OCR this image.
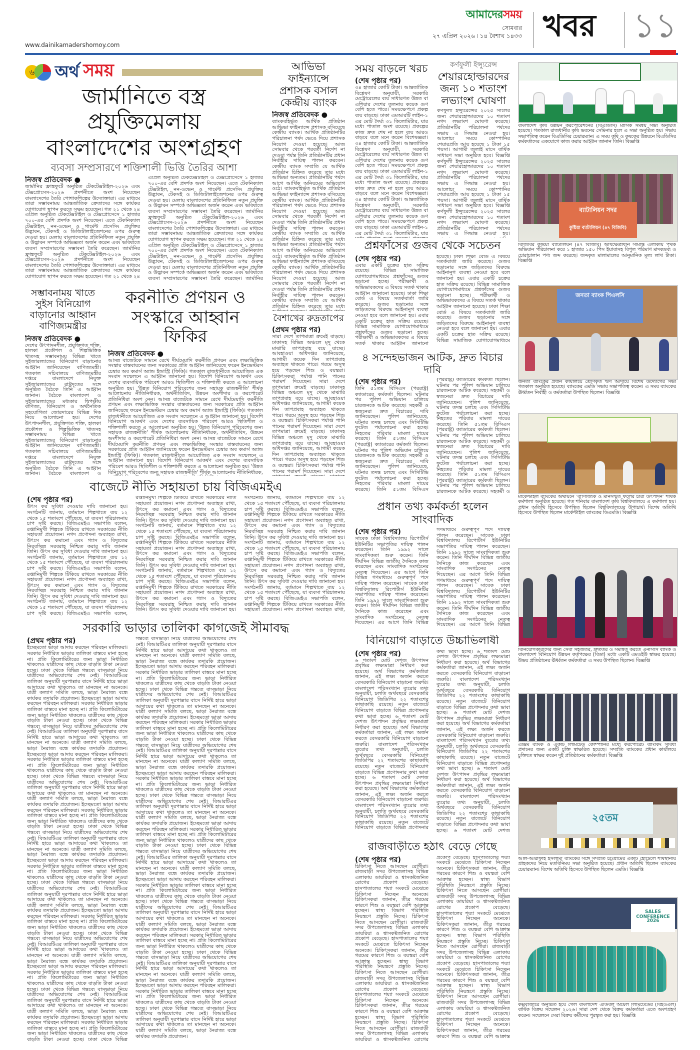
www.dainikamadershomoy.com
আমাদেরসময়
সোমবার
২৭ এপ্রিল ২০২৬ ৷ ১৪ বৈশাখ ১৪৩৩ খবর ১১
৬ অর্থ সময়
জার্মানিতে বস্ত্র প্রযুক্তিমেলায়
বাংলাদেশের অংশগ্রহণ
ব্যবসা সম্প্রসারণে শক্তিশালী ভিত্তি তৈরির আশা
নিজস্ব প্রতিবেদক ●
জার্মানির ফ্রাঙ্কফুর্টে অনুষ্ঠিত টেকটেক্সটাইল-২০২৬ এবং টেক্সপ্রোসেস-২০২৬ প্রদর্শনীতে অংশ নিয়েছেন বাংলাদেশের তৈরি পোশাকশিল্পের উদ্যোক্তারা। এর মাধ্যমে তারা সম্ভাবনাময় আন্তর্জাতিক ক্রেতাদের সঙ্গে কার্যকর যোগাযোগ স্থাপন করতে সক্ষম হয়েছেন। গত ২১ থেকে ২৪ এপ্রিল অনুষ্ঠিত টেকটেক্সটাইল ও টেক্সপ্রোসেসে ১ হাজার ৭০০-এর বেশি প্রদর্শক অংশ নিয়েছেন। এতে টেকনিক্যাল টেক্সটাইল, নন-ওভেন ও গার্মেন্ট প্রসেসিং প্রযুক্তির উদ্ভাবন, টেকসই ও ডিজিটালাইজেশনের ওপর গুরুত্ব দেওয়া হয়। মেলায় বাংলাদেশের প্রতিনিধিদল নতুন প্রযুক্তি ও উদ্ভাবন সম্পর্কে অভিজ্ঞতা অর্জন করেন এবং ভবিষ্যতে ব্যবসা সম্প্রসারণের সম্ভাবনা তৈরি করেছেন। জার্মানির ফ্রাঙ্কফুর্টে অনুষ্ঠিত টেকটেক্সটাইল-২০২৬ এবং টেক্সপ্রোসেস-২০২৬ প্রদর্শনীতে অংশ নিয়েছেন বাংলাদেশের তৈরি পোশাকশিল্পের উদ্যোক্তারা। এর মাধ্যমে তারা সম্ভাবনাময় আন্তর্জাতিক ক্রেতাদের সঙ্গে কার্যকর যোগাযোগ স্থাপন করতে সক্ষম হয়েছেন। গত ২১ থেকে ২৪ এপ্রিল অনুষ্ঠিত টেকটেক্সটাইল ও টেক্সপ্রোসেসে ১ হাজার ৭০০-এর বেশি প্রদর্শক অংশ নিয়েছেন। এতে টেকনিক্যাল টেক্সটাইল, নন-ওভেন ও গার্মেন্ট প্রসেসিং প্রযুক্তির উদ্ভাবন, টেকসই ও ডিজিটালাইজেশনের ওপর গুরুত্ব দেওয়া হয়। মেলায় বাংলাদেশের প্রতিনিধিদল নতুন প্রযুক্তি ও উদ্ভাবন সম্পর্কে অভিজ্ঞতা অর্জন করেন এবং ভবিষ্যতে ব্যবসা সম্প্রসারণের সম্ভাবনা তৈরি করেছেন। জার্মানির ফ্রাঙ্কফুর্টে অনুষ্ঠিত টেকটেক্সটাইল-২০২৬ এবং টেক্সপ্রোসেস-২০২৬ প্রদর্শনীতে অংশ নিয়েছেন বাংলাদেশের তৈরি পোশাকশিল্পের উদ্যোক্তারা। এর মাধ্যমে তারা সম্ভাবনাময় আন্তর্জাতিক ক্রেতাদের সঙ্গে কার্যকর যোগাযোগ স্থাপন করতে সক্ষম হয়েছেন। গত ২১ থেকে ২৪ এপ্রিল অনুষ্ঠিত টেকটেক্সটাইল ও টেক্সপ্রোসেসে ১ হাজার ৭০০-এর বেশি প্রদর্শক অংশ নিয়েছেন। এতে টেকনিক্যাল টেক্সটাইল, নন-ওভেন ও গার্মেন্ট প্রসেসিং প্রযুক্তির উদ্ভাবন, টেকসই ও ডিজিটালাইজেশনের ওপর গুরুত্ব দেওয়া হয়। মেলায় বাংলাদেশের প্রতিনিধিদল নতুন প্রযুক্তি ও উদ্ভাবন সম্পর্কে অভিজ্ঞতা অর্জন করেন এবং ভবিষ্যতে ব্যবসা সম্প্রসারণের সম্ভাবনা তৈরি করেছেন। জার্মানির
সম্ভাবনাময় খাতে সুইস বিনিয়োগ বাড়ানোর আহ্বান বাণিজ্যমন্ত্রীর
নিজস্ব প্রতিবেদক ●
দেশের উৎপাদনশীল, প্রযুক্তিগত শক্তি, হালকা প্রকৌশল ও শিল্পভিত্তিক খাতসহ সম্ভাবনাময় বিভিন্ন খাতে সুইজারল্যান্ডের বিনিয়োগ বাড়ানোর আহ্বান জানিয়েছেন বাণিজ্যমন্ত্রী। গতকাল সচিবালয়ে বাণিজ্যমন্ত্রীর দপ্তরে বাংলাদেশে নিযুক্ত সুইজারল্যান্ডের রাষ্ট্রদূতের সঙ্গে অনুষ্ঠিত বৈঠকে তিনি এ আহ্বান জানান। বৈঠকে বাংলাদেশ ও সুইজারল্যান্ডের মধ্যকার দ্বিপক্ষীয় বাণিজ্য, বিনিয়োগ ও অর্থনৈতিক সহযোগিতা জোরদারের বিভিন্ন দিক নিয়ে আলোচনা হয়। দেশের উৎপাদনশীল, প্রযুক্তিগত শক্তি, হালকা প্রকৌশল ও শিল্পভিত্তিক খাতসহ সম্ভাবনাময় বিভিন্ন খাতে সুইজারল্যান্ডের বিনিয়োগ বাড়ানোর আহ্বান জানিয়েছেন বাণিজ্যমন্ত্রী। গতকাল সচিবালয়ে বাণিজ্যমন্ত্রীর দপ্তরে বাংলাদেশে নিযুক্ত সুইজারল্যান্ডের রাষ্ট্রদূতের সঙ্গে অনুষ্ঠিত বৈঠকে তিনি এ আহ্বান জানান। বৈঠকে বাংলাদেশ ও
করনীতি প্রণয়ন ও সংস্কারে আহ্বান ফিকির
নিজস্ব প্রতিবেদক ●
আসন্ন বাজেটকে সামনে রেখে দীর্ঘমেয়াদি করনীতি প্রণয়ন এবং লক্ষ্যভিত্তিক সংস্কার বাস্তবায়নের জন্য সরকারের প্রতি আহ্বান জানিয়েছে ফরেন ইনভেস্টরস চেম্বার অব কমার্স অ্যান্ড ইন্ডাস্ট্রি (ফিকি)। গতকাল রাজধানীতে আয়োজিত এক সংবাদ সম্মেলনে এ আহ্বান জানানো হয়। বিদেশি বিনিয়োগ আকর্ষণ এবং দেশের ব্যবসায়িক পরিবেশ আরও স্থিতিশীল ও শক্তিশালী করতে এ আলোচনা অনুষ্ঠিত হয়। 'উন্নত বিনিয়োগ পরিবেশের জন্য সহায়ক রাজস্বনীতি' শীর্ষক আলোচনায় নীতিনির্ধারক, অর্থনীতিবিদ, উন্নয়ন অংশীদার ও করপোরেট প্রতিনিধিরা অংশ নেন। আসন্ন বাজেটকে সামনে রেখে দীর্ঘমেয়াদি করনীতি প্রণয়ন এবং লক্ষ্যভিত্তিক সংস্কার বাস্তবায়নের জন্য সরকারের প্রতি আহ্বান জানিয়েছে ফরেন ইনভেস্টরস চেম্বার অব কমার্স অ্যান্ড ইন্ডাস্ট্রি (ফিকি)। গতকাল রাজধানীতে আয়োজিত এক সংবাদ সম্মেলনে এ আহ্বান জানানো হয়। বিদেশি বিনিয়োগ আকর্ষণ এবং দেশের ব্যবসায়িক পরিবেশ আরও স্থিতিশীল ও শক্তিশালী করতে এ আলোচনা অনুষ্ঠিত হয়। 'উন্নত বিনিয়োগ পরিবেশের জন্য সহায়ক রাজস্বনীতি' শীর্ষক আলোচনায় নীতিনির্ধারক, অর্থনীতিবিদ, উন্নয়ন অংশীদার ও করপোরেট প্রতিনিধিরা অংশ নেন। আসন্ন বাজেটকে সামনে রেখে দীর্ঘমেয়াদি করনীতি প্রণয়ন এবং লক্ষ্যভিত্তিক সংস্কার বাস্তবায়নের জন্য সরকারের প্রতি আহ্বান জানিয়েছে ফরেন ইনভেস্টরস চেম্বার অব কমার্স অ্যান্ড ইন্ডাস্ট্রি (ফিকি)। গতকাল রাজধানীতে আয়োজিত এক সংবাদ সম্মেলনে এ আহ্বান জানানো হয়। বিদেশি বিনিয়োগ আকর্ষণ এবং দেশের ব্যবসায়িক পরিবেশ আরও স্থিতিশীল ও শক্তিশালী করতে এ আলোচনা অনুষ্ঠিত হয়। 'উন্নত বিনিয়োগ পরিবেশের জন্য সহায়ক রাজস্বনীতি' শীর্ষক আলোচনায় নীতিনির্ধারক,
আভিভা ফাইন্যান্সে প্রশাসক বসাল কেন্দ্রীয় ব্যাংক
নিজস্ব প্রতিবেদক ●
ব্যাংকবহির্ভূত আর্থিক প্রতিষ্ঠান আভিভা ফাইন্যান্সে প্রশাসক বসিয়েছে কেন্দ্রীয় ব্যাংক। আর্থিক প্রতিষ্ঠানটির পরিচালনা পর্ষদ ভেঙে দিয়ে প্রশাসক নিয়োগ দেওয়া হয়েছে। আজ সোমবার থেকে পরবর্তী নির্দেশ না দেওয়া পর্যন্ত তিনি প্রতিষ্ঠানটির প্রধান নির্বাহীর দায়িত্ব পালন করবেন। কেন্দ্রীয় ব্যাংক সম্প্রতি যে আর্থিক প্রতিষ্ঠান চিহ্নিত করেছে তার মধ্যে আভিভা অন্যতম। প্রতিষ্ঠানটির পর্ষদে আগে আর্থিক অনিয়মের অভিযোগ ওঠে। ব্যাংকবহির্ভূত আর্থিক প্রতিষ্ঠান আভিভা ফাইন্যান্সে প্রশাসক বসিয়েছে কেন্দ্রীয় ব্যাংক। আর্থিক প্রতিষ্ঠানটির পরিচালনা পর্ষদ ভেঙে দিয়ে প্রশাসক নিয়োগ দেওয়া হয়েছে। আজ সোমবার থেকে পরবর্তী নির্দেশ না দেওয়া পর্যন্ত তিনি প্রতিষ্ঠানটির প্রধান নির্বাহীর দায়িত্ব পালন করবেন। কেন্দ্রীয় ব্যাংক সম্প্রতি যে আর্থিক প্রতিষ্ঠান চিহ্নিত করেছে তার মধ্যে আভিভা অন্যতম। প্রতিষ্ঠানটির পর্ষদে আগে আর্থিক অনিয়মের অভিযোগ ওঠে। ব্যাংকবহির্ভূত আর্থিক প্রতিষ্ঠান আভিভা ফাইন্যান্সে প্রশাসক বসিয়েছে কেন্দ্রীয় ব্যাংক। আর্থিক প্রতিষ্ঠানটির পরিচালনা পর্ষদ ভেঙে দিয়ে প্রশাসক নিয়োগ দেওয়া হয়েছে। আজ সোমবার থেকে পরবর্তী নির্দেশ না দেওয়া পর্যন্ত তিনি প্রতিষ্ঠানটির প্রধান নির্বাহীর দায়িত্ব পালন করবেন। কেন্দ্রীয় ব্যাংক সম্প্রতি যে আর্থিক প্রতিষ্ঠান চিহ্নিত করেছে তার মধ্যে
বৈশাখের রুদ্রতাপের
(প্রথম পৃষ্ঠার পর)
সারা দেশে তাপমাত্রা ক্রমেই বাড়ছে। ঢাকাসহ বিভিন্ন অঞ্চলে মৃদু থেকে মাঝারি তাপপ্রবাহ বয়ে যাচ্ছে। আবহাওয়া অধিদপ্তর জানিয়েছে, আগামী কয়েক দিন তাপপ্রবাহ অব্যাহত থাকতে পারে। গরমে অসুস্থ হয়ে পড়ছেন শিশু ও বয়স্করা। চিকিৎসকরা পর্যাপ্ত পানি পানের পরামর্শ দিয়েছেন। সারা দেশে তাপমাত্রা ক্রমেই বাড়ছে। ঢাকাসহ বিভিন্ন অঞ্চলে মৃদু থেকে মাঝারি তাপপ্রবাহ বয়ে যাচ্ছে। আবহাওয়া অধিদপ্তর জানিয়েছে, আগামী কয়েক দিন তাপপ্রবাহ অব্যাহত থাকতে পারে। গরমে অসুস্থ হয়ে পড়ছেন শিশু ও বয়স্করা। চিকিৎসকরা পর্যাপ্ত পানি পানের পরামর্শ দিয়েছেন। সারা দেশে তাপমাত্রা ক্রমেই বাড়ছে। ঢাকাসহ বিভিন্ন অঞ্চলে মৃদু থেকে মাঝারি তাপপ্রবাহ বয়ে যাচ্ছে। আবহাওয়া অধিদপ্তর জানিয়েছে, আগামী কয়েক দিন তাপপ্রবাহ অব্যাহত থাকতে পারে। গরমে অসুস্থ হয়ে পড়ছেন শিশু ও বয়স্করা। চিকিৎসকরা পর্যাপ্ত পানি পানের পরামর্শ দিয়েছেন। সারা দেশে
সময় বাড়লে খরচ
(শেষ পৃষ্ঠার পর)
৩৪ হাজার কোটি টাকা। আন্তর্জাতিক বিশ্লেষণ অনুযায়ী, সরকারি মেট্রোরেলের ব্যয় সাধারণত উন্নত বা এশিয়ার দেশের তুলনায় কয়েক গুণ বেশি হতে পারে। সময়ক্ষেপণে প্রকল্প ব্যয় বাড়ছে। ঢাকা এমআরটি লাইন-১ এর মোট দৈর্ঘ্য ৩১ কিলোমিটার, যার মধ্যে পাতাল অংশ রয়েছে। প্রকল্পের কাজ দ্রুত শেষ না হলে ব্যয় আরও বাড়বে বলে মনে করেন বিশেষজ্ঞরা। ৩৪ হাজার কোটি টাকা। আন্তর্জাতিক বিশ্লেষণ অনুযায়ী, সরকারি মেট্রোরেলের ব্যয় সাধারণত উন্নত বা এশিয়ার দেশের তুলনায় কয়েক গুণ বেশি হতে পারে। সময়ক্ষেপণে প্রকল্প ব্যয় বাড়ছে। ঢাকা এমআরটি লাইন-১ এর মোট দৈর্ঘ্য ৩১ কিলোমিটার, যার মধ্যে পাতাল অংশ রয়েছে। প্রকল্পের কাজ দ্রুত শেষ না হলে ব্যয় আরও বাড়বে বলে মনে করেন বিশেষজ্ঞরা। ৩৪ হাজার কোটি টাকা। আন্তর্জাতিক বিশ্লেষণ অনুযায়ী, সরকারি মেট্রোরেলের ব্যয় সাধারণত উন্নত বা এশিয়ার দেশের তুলনায় কয়েক গুণ বেশি হতে পারে। সময়ক্ষেপণে প্রকল্প ব্যয় বাড়ছে। ঢাকা এমআরটি লাইন-১ এর মোট দৈর্ঘ্য ৩১ কিলোমিটার, যার
কর্ণফুলী ইন্স্যুরেন্স
শেয়ারহোল্ডারদের জন্য ১০ শতাংশ লভ্যাংশ ঘোষণা
কর্ণফুলী ইন্স্যুরেন্সের ২০২৫ সালের জন্য শেয়ারহোল্ডারদের ১০ শতাংশ নগদ লভ্যাংশ ঘোষণা করেছে। প্রতিষ্ঠানটির পরিচালনা পর্ষদের সভায় এ সিদ্ধান্ত নেওয়া হয়। আলোচ্য সময়ে কোম্পানির শেয়ারপ্রতি আয় হয়েছে ১ টাকা ১৫ পয়সা। আগামী জুলাই মাসে বার্ষিক সাধারণ সভা অনুষ্ঠিত হবে। বিজ্ঞপ্তি কর্ণফুলী ইন্স্যুরেন্সের ২০২৫ সালের জন্য শেয়ারহোল্ডারদের ১০ শতাংশ নগদ লভ্যাংশ ঘোষণা করেছে। প্রতিষ্ঠানটির পরিচালনা পর্ষদের সভায় এ সিদ্ধান্ত নেওয়া হয়। আলোচ্য সময়ে কোম্পানির শেয়ারপ্রতি আয় হয়েছে ১ টাকা ১৫ পয়সা। আগামী জুলাই মাসে বার্ষিক সাধারণ সভা অনুষ্ঠিত হবে। বিজ্ঞপ্তি কর্ণফুলী ইন্স্যুরেন্সের ২০২৫ সালের জন্য শেয়ারহোল্ডারদের ১০ শতাংশ নগদ লভ্যাংশ ঘোষণা করেছে। প্রতিষ্ঠানটির পরিচালনা পর্ষদের সভায় এ সিদ্ধান্ত নেওয়া হয়।
প্রশ্নফাঁসের গুজব থেকে সচেতন
(শেষ পৃষ্ঠার পর)
এবার একটি চক্রের হাত সক্রিয় রয়েছে। বিভিন্ন সামাজিক যোগাযোগমাধ্যমে প্রশ্নফাঁসের গুজব ছড়ানো হচ্ছে। পরীক্ষার্থী ও অভিভাবকদের এ বিষয়ে সতর্ক থাকার আহ্বান জানানো হয়েছে। ঢাকা শিক্ষা বোর্ড এ বিষয়ে সতর্কবার্তা জারি করেছে। গুজব ছড়ানোর সঙ্গে জড়িতদের বিরুদ্ধে আইনানুগ ব্যবস্থা নেওয়া হবে বলে জানানো হয়। এবার একটি চক্রের হাত সক্রিয় রয়েছে। বিভিন্ন সামাজিক যোগাযোগমাধ্যমে প্রশ্নফাঁসের গুজব ছড়ানো হচ্ছে। পরীক্ষার্থী ও অভিভাবকদের এ বিষয়ে সতর্ক থাকার আহ্বান জানানো হয়েছে। ঢাকা শিক্ষা বোর্ড এ বিষয়ে সতর্কবার্তা জারি করেছে। গুজব ছড়ানোর সঙ্গে জড়িতদের বিরুদ্ধে আইনানুগ ব্যবস্থা নেওয়া হবে বলে জানানো হয়। এবার একটি চক্রের হাত সক্রিয় রয়েছে। বিভিন্ন সামাজিক যোগাযোগমাধ্যমে প্রশ্নফাঁসের গুজব ছড়ানো হচ্ছে। পরীক্ষার্থী ও অভিভাবকদের এ বিষয়ে সতর্ক থাকার আহ্বান জানানো হয়েছে। ঢাকা শিক্ষা বোর্ড এ বিষয়ে সতর্কবার্তা জারি করেছে। গুজব ছড়ানোর সঙ্গে জড়িতদের বিরুদ্ধে আইনানুগ ব্যবস্থা নেওয়া হবে বলে জানানো হয়। এবার একটি চক্রের হাত সক্রিয় রয়েছে। বিভিন্ন সামাজিক যোগাযোগমাধ্যমে
৪ সন্দেহভাজন আটক, দ্রুত বিচার দাবি
(শেষ পৃষ্ঠার পর)
তিনি ৫১তম বিসিএস (পররাষ্ট্র) ক্যাডারের কর্মকর্তা ছিলেন। ঘটনার পর পুলিশ অভিযান চালিয়ে চারজনকে আটক করেছে। সহকর্মী ও স্বজনেরা দ্রুত বিচারের দাবি জানিয়েছেন। পুলিশ জানিয়েছে, ঘটনার তদন্ত চলছে এবং সিসিটিভি ফুটেজ পর্যালোচনা করা হচ্ছে। নিহতের পরিবার মামলা দায়ের করেছে। তিনি ৫১তম বিসিএস (পররাষ্ট্র) ক্যাডারের কর্মকর্তা ছিলেন। ঘটনার পর পুলিশ অভিযান চালিয়ে চারজনকে আটক করেছে। সহকর্মী ও স্বজনেরা দ্রুত বিচারের দাবি জানিয়েছেন। পুলিশ জানিয়েছে, ঘটনার তদন্ত চলছে এবং সিসিটিভি ফুটেজ পর্যালোচনা করা হচ্ছে। নিহতের পরিবার মামলা দায়ের করেছে। তিনি ৫১তম বিসিএস (পররাষ্ট্র) ক্যাডারের কর্মকর্তা ছিলেন। ঘটনার পর পুলিশ অভিযান চালিয়ে চারজনকে আটক করেছে। সহকর্মী ও স্বজনেরা দ্রুত বিচারের দাবি জানিয়েছেন। পুলিশ জানিয়েছে, ঘটনার তদন্ত চলছে এবং সিসিটিভি ফুটেজ পর্যালোচনা করা হচ্ছে। নিহতের পরিবার মামলা দায়ের করেছে। তিনি ৫১তম বিসিএস (পররাষ্ট্র) ক্যাডারের কর্মকর্তা ছিলেন। ঘটনার পর পুলিশ অভিযান চালিয়ে চারজনকে আটক করেছে। সহকর্মী ও স্বজনেরা দ্রুত বিচারের দাবি জানিয়েছেন। পুলিশ জানিয়েছে, ঘটনার তদন্ত চলছে এবং সিসিটিভি ফুটেজ পর্যালোচনা করা হচ্ছে। নিহতের পরিবার মামলা দায়ের করেছে। তিনি ৫১তম বিসিএস (পররাষ্ট্র) ক্যাডারের কর্মকর্তা ছিলেন। ঘটনার পর পুলিশ অভিযান চালিয়ে চারজনকে আটক করেছে। সহকর্মী ও
প্রধান তথ্য কর্মকর্তা হলেন সাংবাদিক
(শেষ পৃষ্ঠার পর)
সাবেক ঢাকা বিশ্ববিদ্যালয় রিপোর্টার্স ইউনিটির সভাপতির দায়িত্ব পালন করেছেন। তিনি ১৯৯২ সালে সাংবাদিকতা শুরু করেন। তিনি দীর্ঘদিন বিভিন্ন জাতীয় দৈনিকে কাজ করেছেন এবং সাংবাদিক সংগঠনের নেতৃত্ব দিয়েছেন। এর আগে তিনি বিভিন্ন গণমাধ্যমে গুরুত্বপূর্ণ পদে দায়িত্ব পালন করেছেন। সাবেক ঢাকা বিশ্ববিদ্যালয় রিপোর্টার্স ইউনিটির সভাপতির দায়িত্ব পালন করেছেন। তিনি ১৯৯২ সালে সাংবাদিকতা শুরু করেন। তিনি দীর্ঘদিন বিভিন্ন জাতীয় দৈনিকে কাজ করেছেন এবং সাংবাদিক সংগঠনের নেতৃত্ব দিয়েছেন। এর আগে তিনি বিভিন্ন গণমাধ্যমে গুরুত্বপূর্ণ পদে দায়িত্ব পালন করেছেন। সাবেক ঢাকা বিশ্ববিদ্যালয় রিপোর্টার্স ইউনিটির সভাপতির দায়িত্ব পালন করেছেন। তিনি ১৯৯২ সালে সাংবাদিকতা শুরু করেন। তিনি দীর্ঘদিন বিভিন্ন জাতীয় দৈনিকে কাজ করেছেন এবং সাংবাদিক সংগঠনের নেতৃত্ব দিয়েছেন। এর আগে তিনি বিভিন্ন গণমাধ্যমে গুরুত্বপূর্ণ পদে দায়িত্ব পালন করেছেন। সাবেক ঢাকা বিশ্ববিদ্যালয় রিপোর্টার্স ইউনিটির সভাপতির দায়িত্ব পালন করেছেন। তিনি ১৯৯২ সালে সাংবাদিকতা শুরু করেন। তিনি দীর্ঘদিন বিভিন্ন জাতীয় দৈনিকে কাজ করেছেন এবং সাংবাদিক সংগঠনের নেতৃত্ব দিয়েছেন। এর আগে তিনি বিভিন্ন
বিনিয়োগ বাড়াতে উচ্চাভিলাষী
(শেষ পৃষ্ঠার পর)
৬ শতাংশ মোট দেশজ উৎপাদন প্রবৃদ্ধির লক্ষ্যমাত্রা নির্ধারণ করা হয়েছে। অর্থ বিভাগের কর্মকর্তারা জানান, এই লক্ষ্য অর্জন করতে বেসরকারি বিনিয়োগ বাড়ানো জরুরি। বাংলাদেশ পরিসংখ্যান ব্যুরোর তথ্য অনুযায়ী, চলতি অর্থবছরে বেসরকারি বিনিয়োগ জিডিপির ২২ শতাংশের কাছাকাছি রয়েছে। নতুন বাজেটে বিনিয়োগ বাড়াতে বিভিন্ন প্রণোদনার কথা ভাবা হচ্ছে। ৬ শতাংশ মোট দেশজ উৎপাদন প্রবৃদ্ধির লক্ষ্যমাত্রা নির্ধারণ করা হয়েছে। অর্থ বিভাগের কর্মকর্তারা জানান, এই লক্ষ্য অর্জন করতে বেসরকারি বিনিয়োগ বাড়ানো জরুরি। বাংলাদেশ পরিসংখ্যান ব্যুরোর তথ্য অনুযায়ী, চলতি অর্থবছরে বেসরকারি বিনিয়োগ জিডিপির ২২ শতাংশের কাছাকাছি রয়েছে। নতুন বাজেটে বিনিয়োগ বাড়াতে বিভিন্ন প্রণোদনার কথা ভাবা হচ্ছে। ৬ শতাংশ মোট দেশজ উৎপাদন প্রবৃদ্ধির লক্ষ্যমাত্রা নির্ধারণ করা হয়েছে। অর্থ বিভাগের কর্মকর্তারা জানান, এই লক্ষ্য অর্জন করতে বেসরকারি বিনিয়োগ বাড়ানো জরুরি। বাংলাদেশ পরিসংখ্যান ব্যুরোর তথ্য অনুযায়ী, চলতি অর্থবছরে বেসরকারি বিনিয়োগ জিডিপির ২২ শতাংশের কাছাকাছি রয়েছে। নতুন বাজেটে বিনিয়োগ বাড়াতে বিভিন্ন প্রণোদনার কথা ভাবা হচ্ছে। ৬ শতাংশ মোট দেশজ উৎপাদন প্রবৃদ্ধির লক্ষ্যমাত্রা নির্ধারণ করা হয়েছে। অর্থ বিভাগের কর্মকর্তারা জানান, এই লক্ষ্য অর্জন করতে বেসরকারি বিনিয়োগ বাড়ানো জরুরি। বাংলাদেশ পরিসংখ্যান ব্যুরোর তথ্য অনুযায়ী, চলতি অর্থবছরে বেসরকারি বিনিয়োগ জিডিপির ২২ শতাংশের কাছাকাছি রয়েছে। নতুন বাজেটে বিনিয়োগ বাড়াতে বিভিন্ন প্রণোদনার কথা ভাবা হচ্ছে। ৬ শতাংশ মোট দেশজ উৎপাদন প্রবৃদ্ধির লক্ষ্যমাত্রা নির্ধারণ করা হয়েছে। অর্থ বিভাগের কর্মকর্তারা জানান, এই লক্ষ্য অর্জন করতে বেসরকারি বিনিয়োগ বাড়ানো জরুরি। বাংলাদেশ পরিসংখ্যান ব্যুরোর তথ্য অনুযায়ী, চলতি অর্থবছরে বেসরকারি বিনিয়োগ জিডিপির ২২ শতাংশের কাছাকাছি রয়েছে। নতুন বাজেটে বিনিয়োগ বাড়াতে বিভিন্ন প্রণোদনার কথা ভাবা হচ্ছে। ৬ শতাংশ মোট দেশজ উৎপাদন প্রবৃদ্ধির লক্ষ্যমাত্রা নির্ধারণ করা হয়েছে। অর্থ বিভাগের কর্মকর্তারা জানান, এই লক্ষ্য অর্জন করতে বেসরকারি বিনিয়োগ বাড়ানো জরুরি। বাংলাদেশ পরিসংখ্যান ব্যুরোর তথ্য অনুযায়ী, চলতি অর্থবছরে বেসরকারি বিনিয়োগ জিডিপির ২২ শতাংশের কাছাকাছি রয়েছে। নতুন বাজেটে বিনিয়োগ বাড়াতে বিভিন্ন প্রণোদনার কথা ভাবা হচ্ছে। ৬ শতাংশ মোট দেশজ
রাজবাড়ীতে হঠাৎ বেড়ে গেছে
(শেষ পৃষ্ঠার পর)
চিকিৎসা নিতে আসছেন রোগীরা। রাজবাড়ী সদর উপজেলাসহ বিভিন্ন এলাকায় ডায়রিয়া ও শ্বাসকষ্টজনিত রোগের প্রকোপ বেড়েছে। হাসপাতালের শয্যা সংকটে মেঝেতে চিকিৎসা নিচ্ছেন অনেকে। চিকিৎসকরা জানান, তীব্র গরমের কারণে শিশু ও বয়স্করা বেশি আক্রান্ত হচ্ছেন। স্বাস্থ্য বিভাগ পরিস্থিতি নিয়ন্ত্রণে প্রস্তুতি নিচ্ছে। চিকিৎসা নিতে আসছেন রোগীরা। রাজবাড়ী সদর উপজেলাসহ বিভিন্ন এলাকায় ডায়রিয়া ও শ্বাসকষ্টজনিত রোগের প্রকোপ বেড়েছে। হাসপাতালের শয্যা সংকটে মেঝেতে চিকিৎসা নিচ্ছেন অনেকে। চিকিৎসকরা জানান, তীব্র গরমের কারণে শিশু ও বয়স্করা বেশি আক্রান্ত হচ্ছেন। স্বাস্থ্য বিভাগ পরিস্থিতি নিয়ন্ত্রণে প্রস্তুতি নিচ্ছে। চিকিৎসা নিতে আসছেন রোগীরা। রাজবাড়ী সদর উপজেলাসহ বিভিন্ন এলাকায় ডায়রিয়া ও শ্বাসকষ্টজনিত রোগের প্রকোপ বেড়েছে। হাসপাতালের শয্যা সংকটে মেঝেতে চিকিৎসা নিচ্ছেন অনেকে। চিকিৎসকরা জানান, তীব্র গরমের কারণে শিশু ও বয়স্করা বেশি আক্রান্ত হচ্ছেন। স্বাস্থ্য বিভাগ পরিস্থিতি নিয়ন্ত্রণে প্রস্তুতি নিচ্ছে। চিকিৎসা নিতে আসছেন রোগীরা। রাজবাড়ী সদর উপজেলাসহ বিভিন্ন এলাকায় ডায়রিয়া ও শ্বাসকষ্টজনিত রোগের প্রকোপ বেড়েছে। হাসপাতালের শয্যা সংকটে মেঝেতে চিকিৎসা নিচ্ছেন অনেকে। চিকিৎসকরা জানান, তীব্র গরমের কারণে শিশু ও বয়স্করা বেশি আক্রান্ত হচ্ছেন। স্বাস্থ্য বিভাগ পরিস্থিতি নিয়ন্ত্রণে প্রস্তুতি নিচ্ছে। চিকিৎসা নিতে আসছেন রোগীরা। রাজবাড়ী সদর উপজেলাসহ বিভিন্ন এলাকায় ডায়রিয়া ও শ্বাসকষ্টজনিত রোগের প্রকোপ বেড়েছে। হাসপাতালের শয্যা সংকটে মেঝেতে চিকিৎসা নিচ্ছেন অনেকে। চিকিৎসকরা জানান, তীব্র গরমের কারণে শিশু ও বয়স্করা বেশি আক্রান্ত হচ্ছেন। স্বাস্থ্য বিভাগ পরিস্থিতি নিয়ন্ত্রণে প্রস্তুতি নিচ্ছে। চিকিৎসা নিতে আসছেন রোগীরা। রাজবাড়ী সদর উপজেলাসহ বিভিন্ন এলাকায় ডায়রিয়া ও শ্বাসকষ্টজনিত রোগের প্রকোপ বেড়েছে। হাসপাতালের শয্যা সংকটে মেঝেতে চিকিৎসা নিচ্ছেন অনেকে। চিকিৎসকরা জানান, তীব্র গরমের কারণে শিশু ও বয়স্করা বেশি আক্রান্ত হচ্ছেন। স্বাস্থ্য বিভাগ পরিস্থিতি নিয়ন্ত্রণে প্রস্তুতি নিচ্ছে। চিকিৎসা নিতে আসছেন রোগীরা। রাজবাড়ী সদর উপজেলাসহ বিভিন্ন এলাকায় ডায়রিয়া ও শ্বাসকষ্টজনিত রোগের প্রকোপ বেড়েছে। হাসপাতালের শয্যা সংকটে মেঝেতে চিকিৎসা নিচ্ছেন অনেকে। চিকিৎসকরা জানান, তীব্র গরমের কারণে শিশু ও বয়স্করা বেশি আক্রান্ত
বাজেটে নীতি সহায়তা চায় বিজিএমইএ
(শেষ পৃষ্ঠার পর)
উৎস কর সুবিধা দেওয়ার দাবি জানানো হয়। সংগঠনটি জানায়, বর্তমানে শিল্পখাতে ব্যয় ১২ থেকে ১৫ শতাংশে পৌঁছেছে, যা ব্যবসা পরিচালনায় চাপ সৃষ্টি করছে। বিজিএমইএ সভাপতি বলেন, রপ্তানিমুখী শিল্পকে টিকিয়ে রাখতে সরকারের নীতি সহায়তা প্রয়োজন। নগদ প্রণোদনা অব্যাহত রাখা, উৎসে কর কমানো এবং গ্যাস ও বিদ্যুতের নিরবচ্ছিন্ন সরবরাহ নিশ্চিত করার দাবি জানান তিনি। উৎস কর সুবিধা দেওয়ার দাবি জানানো হয়। সংগঠনটি জানায়, বর্তমানে শিল্পখাতে ব্যয় ১২ থেকে ১৫ শতাংশে পৌঁছেছে, যা ব্যবসা পরিচালনায় চাপ সৃষ্টি করছে। বিজিএমইএ সভাপতি বলেন, রপ্তানিমুখী শিল্পকে টিকিয়ে রাখতে সরকারের নীতি সহায়তা প্রয়োজন। নগদ প্রণোদনা অব্যাহত রাখা, উৎসে কর কমানো এবং গ্যাস ও বিদ্যুতের নিরবচ্ছিন্ন সরবরাহ নিশ্চিত করার দাবি জানান তিনি। উৎস কর সুবিধা দেওয়ার দাবি জানানো হয়। সংগঠনটি জানায়, বর্তমানে শিল্পখাতে ব্যয় ১২ থেকে ১৫ শতাংশে পৌঁছেছে, যা ব্যবসা পরিচালনায় চাপ সৃষ্টি করছে। বিজিএমইএ সভাপতি বলেন, রপ্তানিমুখী শিল্পকে টিকিয়ে রাখতে সরকারের নীতি সহায়তা প্রয়োজন। নগদ প্রণোদনা অব্যাহত রাখা, উৎসে কর কমানো এবং গ্যাস ও বিদ্যুতের নিরবচ্ছিন্ন সরবরাহ নিশ্চিত করার দাবি জানান তিনি। উৎস কর সুবিধা দেওয়ার দাবি জানানো হয়। সংগঠনটি জানায়, বর্তমানে শিল্পখাতে ব্যয় ১২ থেকে ১৫ শতাংশে পৌঁছেছে, যা ব্যবসা পরিচালনায় চাপ সৃষ্টি করছে। বিজিএমইএ সভাপতি বলেন, রপ্তানিমুখী শিল্পকে টিকিয়ে রাখতে সরকারের নীতি সহায়তা প্রয়োজন। নগদ প্রণোদনা অব্যাহত রাখা, উৎসে কর কমানো এবং গ্যাস ও বিদ্যুতের নিরবচ্ছিন্ন সরবরাহ নিশ্চিত করার দাবি জানান তিনি। উৎস কর সুবিধা দেওয়ার দাবি জানানো হয়। সংগঠনটি জানায়, বর্তমানে শিল্পখাতে ব্যয় ১২ থেকে ১৫ শতাংশে পৌঁছেছে, যা ব্যবসা পরিচালনায় চাপ সৃষ্টি করছে। বিজিএমইএ সভাপতি বলেন, রপ্তানিমুখী শিল্পকে টিকিয়ে রাখতে সরকারের নীতি সহায়তা প্রয়োজন। নগদ প্রণোদনা অব্যাহত রাখা, উৎসে কর কমানো এবং গ্যাস ও বিদ্যুতের নিরবচ্ছিন্ন সরবরাহ নিশ্চিত করার দাবি জানান তিনি। উৎস কর সুবিধা দেওয়ার দাবি জানানো হয়। সংগঠনটি জানায়, বর্তমানে শিল্পখাতে ব্যয় ১২ থেকে ১৫ শতাংশে পৌঁছেছে, যা ব্যবসা পরিচালনায় চাপ সৃষ্টি করছে। বিজিএমইএ সভাপতি বলেন, রপ্তানিমুখী শিল্পকে টিকিয়ে রাখতে সরকারের নীতি সহায়তা প্রয়োজন। নগদ প্রণোদনা অব্যাহত রাখা, উৎসে কর কমানো এবং গ্যাস ও বিদ্যুতের নিরবচ্ছিন্ন সরবরাহ নিশ্চিত করার দাবি জানান তিনি। উৎস কর সুবিধা দেওয়ার দাবি জানানো হয়। সংগঠনটি জানায়, বর্তমানে শিল্পখাতে ব্যয় ১২ থেকে ১৫ শতাংশে পৌঁছেছে, যা ব্যবসা পরিচালনায় চাপ সৃষ্টি করছে। বিজিএমইএ সভাপতি বলেন, রপ্তানিমুখী শিল্পকে টিকিয়ে রাখতে সরকারের নীতি সহায়তা প্রয়োজন। নগদ প্রণোদনা অব্যাহত রাখা, উৎসে কর কমানো এবং গ্যাস ও বিদ্যুতের নিরবচ্ছিন্ন সরবরাহ নিশ্চিত করার দাবি জানান তিনি। উৎস কর সুবিধা দেওয়ার দাবি জানানো হয়। সংগঠনটি জানায়, বর্তমানে শিল্পখাতে ব্যয় ১২ থেকে ১৫ শতাংশে পৌঁছেছে, যা ব্যবসা পরিচালনায় চাপ সৃষ্টি করছে। বিজিএমইএ সভাপতি বলেন, রপ্তানিমুখী শিল্পকে টিকিয়ে রাখতে সরকারের নীতি সহায়তা প্রয়োজন। নগদ প্রণোদনা অব্যাহত রাখা,
সরকারি ভাড়ার তালিকা কাগজেই সীমাবদ্ধ
(প্রথম পৃষ্ঠার পর)
ইচ্ছেমতো ভাড়া আদায় করছেন পরিবহন মালিকরা। সরকার নির্ধারিত ভাড়ার তালিকা বাস্তবে মানা হচ্ছে না। প্রতি কিলোমিটারের জন্য ভাড়া নির্ধারিত থাকলেও যাত্রীদের কাছ থেকে বাড়তি টাকা নেওয়া হচ্ছে। ঢাকা থেকে বিভিন্ন গন্তব্যে বাসভাড়া নিয়ে যাত্রীদের অভিযোগের শেষ নেই। বিআরটিএর তালিকা অনুযায়ী দূরপাল্লার বাসে নির্দিষ্ট হারে ভাড়া আদায়ের কথা থাকলেও তা মানছেন না অনেকে। যাত্রী কল্যাণ সমিতি বলছে, ভাড়া নৈরাজ্য বন্ধে কার্যকর তদারকি প্রয়োজন। ইচ্ছেমতো ভাড়া আদায় করছেন পরিবহন মালিকরা। সরকার নির্ধারিত ভাড়ার তালিকা বাস্তবে মানা হচ্ছে না। প্রতি কিলোমিটারের জন্য ভাড়া নির্ধারিত থাকলেও যাত্রীদের কাছ থেকে বাড়তি টাকা নেওয়া হচ্ছে। ঢাকা থেকে বিভিন্ন গন্তব্যে বাসভাড়া নিয়ে যাত্রীদের অভিযোগের শেষ নেই। বিআরটিএর তালিকা অনুযায়ী দূরপাল্লার বাসে নির্দিষ্ট হারে ভাড়া আদায়ের কথা থাকলেও তা মানছেন না অনেকে। যাত্রী কল্যাণ সমিতি বলছে, ভাড়া নৈরাজ্য বন্ধে কার্যকর তদারকি প্রয়োজন। ইচ্ছেমতো ভাড়া আদায় করছেন পরিবহন মালিকরা। সরকার নির্ধারিত ভাড়ার তালিকা বাস্তবে মানা হচ্ছে না। প্রতি কিলোমিটারের জন্য ভাড়া নির্ধারিত থাকলেও যাত্রীদের কাছ থেকে বাড়তি টাকা নেওয়া হচ্ছে। ঢাকা থেকে বিভিন্ন গন্তব্যে বাসভাড়া নিয়ে যাত্রীদের অভিযোগের শেষ নেই। বিআরটিএর তালিকা অনুযায়ী দূরপাল্লার বাসে নির্দিষ্ট হারে ভাড়া আদায়ের কথা থাকলেও তা মানছেন না অনেকে। যাত্রী কল্যাণ সমিতি বলছে, ভাড়া নৈরাজ্য বন্ধে কার্যকর তদারকি প্রয়োজন। ইচ্ছেমতো ভাড়া আদায় করছেন পরিবহন মালিকরা। সরকার নির্ধারিত ভাড়ার তালিকা বাস্তবে মানা হচ্ছে না। প্রতি কিলোমিটারের জন্য ভাড়া নির্ধারিত থাকলেও যাত্রীদের কাছ থেকে বাড়তি টাকা নেওয়া হচ্ছে। ঢাকা থেকে বিভিন্ন গন্তব্যে বাসভাড়া নিয়ে যাত্রীদের অভিযোগের শেষ নেই। বিআরটিএর তালিকা অনুযায়ী দূরপাল্লার বাসে নির্দিষ্ট হারে ভাড়া আদায়ের কথা থাকলেও তা মানছেন না অনেকে। যাত্রী কল্যাণ সমিতি বলছে, ভাড়া নৈরাজ্য বন্ধে কার্যকর তদারকি প্রয়োজন। ইচ্ছেমতো ভাড়া আদায় করছেন পরিবহন মালিকরা। সরকার নির্ধারিত ভাড়ার তালিকা বাস্তবে মানা হচ্ছে না। প্রতি কিলোমিটারের জন্য ভাড়া নির্ধারিত থাকলেও যাত্রীদের কাছ থেকে বাড়তি টাকা নেওয়া হচ্ছে। ঢাকা থেকে বিভিন্ন গন্তব্যে বাসভাড়া নিয়ে যাত্রীদের অভিযোগের শেষ নেই। বিআরটিএর তালিকা অনুযায়ী দূরপাল্লার বাসে নির্দিষ্ট হারে ভাড়া আদায়ের কথা থাকলেও তা মানছেন না অনেকে। যাত্রী কল্যাণ সমিতি বলছে, ভাড়া নৈরাজ্য বন্ধে কার্যকর তদারকি প্রয়োজন। ইচ্ছেমতো ভাড়া আদায় করছেন পরিবহন মালিকরা। সরকার নির্ধারিত ভাড়ার তালিকা বাস্তবে মানা হচ্ছে না। প্রতি কিলোমিটারের জন্য ভাড়া নির্ধারিত থাকলেও যাত্রীদের কাছ থেকে বাড়তি টাকা নেওয়া হচ্ছে। ঢাকা থেকে বিভিন্ন গন্তব্যে বাসভাড়া নিয়ে যাত্রীদের অভিযোগের শেষ নেই। বিআরটিএর তালিকা অনুযায়ী দূরপাল্লার বাসে নির্দিষ্ট হারে ভাড়া আদায়ের কথা থাকলেও তা মানছেন না অনেকে। যাত্রী কল্যাণ সমিতি বলছে, ভাড়া নৈরাজ্য বন্ধে কার্যকর তদারকি প্রয়োজন। ইচ্ছেমতো ভাড়া আদায় করছেন পরিবহন মালিকরা। সরকার নির্ধারিত ভাড়ার তালিকা বাস্তবে মানা হচ্ছে না। প্রতি কিলোমিটারের জন্য ভাড়া নির্ধারিত থাকলেও যাত্রীদের কাছ থেকে বাড়তি টাকা নেওয়া হচ্ছে। ঢাকা থেকে বিভিন্ন গন্তব্যে বাসভাড়া নিয়ে যাত্রীদের অভিযোগের শেষ নেই। বিআরটিএর তালিকা অনুযায়ী দূরপাল্লার বাসে নির্দিষ্ট হারে ভাড়া আদায়ের কথা থাকলেও তা মানছেন না অনেকে। যাত্রী কল্যাণ সমিতি বলছে, ভাড়া নৈরাজ্য বন্ধে কার্যকর তদারকি প্রয়োজন। ইচ্ছেমতো ভাড়া আদায় করছেন পরিবহন মালিকরা। সরকার নির্ধারিত ভাড়ার তালিকা বাস্তবে মানা হচ্ছে না। প্রতি কিলোমিটারের জন্য ভাড়া নির্ধারিত থাকলেও যাত্রীদের কাছ থেকে বাড়তি টাকা নেওয়া হচ্ছে। ঢাকা থেকে বিভিন্ন গন্তব্যে বাসভাড়া নিয়ে যাত্রীদের অভিযোগের শেষ নেই। বিআরটিএর তালিকা অনুযায়ী দূরপাল্লার বাসে নির্দিষ্ট হারে ভাড়া আদায়ের কথা থাকলেও তা মানছেন না অনেকে। যাত্রী কল্যাণ সমিতি বলছে, ভাড়া নৈরাজ্য বন্ধে কার্যকর তদারকি প্রয়োজন। ইচ্ছেমতো ভাড়া আদায় করছেন পরিবহন মালিকরা। সরকার নির্ধারিত ভাড়ার তালিকা বাস্তবে মানা হচ্ছে না। প্রতি কিলোমিটারের জন্য ভাড়া নির্ধারিত থাকলেও যাত্রীদের কাছ থেকে বাড়তি টাকা নেওয়া হচ্ছে। ঢাকা থেকে বিভিন্ন গন্তব্যে বাসভাড়া নিয়ে যাত্রীদের অভিযোগের শেষ নেই। বিআরটিএর তালিকা অনুযায়ী দূরপাল্লার বাসে নির্দিষ্ট হারে ভাড়া আদায়ের কথা থাকলেও তা মানছেন না অনেকে। যাত্রী কল্যাণ সমিতি বলছে, ভাড়া নৈরাজ্য বন্ধে কার্যকর তদারকি প্রয়োজন। ইচ্ছেমতো ভাড়া আদায় করছেন পরিবহন মালিকরা। সরকার নির্ধারিত ভাড়ার তালিকা বাস্তবে মানা হচ্ছে না। প্রতি কিলোমিটারের জন্য ভাড়া নির্ধারিত থাকলেও যাত্রীদের কাছ থেকে বাড়তি টাকা নেওয়া হচ্ছে। ঢাকা থেকে বিভিন্ন গন্তব্যে বাসভাড়া নিয়ে যাত্রীদের অভিযোগের শেষ নেই। বিআরটিএর তালিকা অনুযায়ী দূরপাল্লার বাসে নির্দিষ্ট হারে ভাড়া আদায়ের কথা থাকলেও তা মানছেন না অনেকে। যাত্রী কল্যাণ সমিতি বলছে, ভাড়া নৈরাজ্য বন্ধে কার্যকর তদারকি প্রয়োজন। ইচ্ছেমতো ভাড়া আদায় করছেন পরিবহন মালিকরা। সরকার নির্ধারিত ভাড়ার তালিকা বাস্তবে মানা হচ্ছে না। প্রতি কিলোমিটারের জন্য ভাড়া নির্ধারিত থাকলেও যাত্রীদের কাছ থেকে বাড়তি টাকা নেওয়া হচ্ছে। ঢাকা থেকে বিভিন্ন গন্তব্যে বাসভাড়া নিয়ে যাত্রীদের অভিযোগের শেষ নেই। বিআরটিএর তালিকা অনুযায়ী দূরপাল্লার বাসে নির্দিষ্ট হারে ভাড়া আদায়ের কথা থাকলেও তা মানছেন না অনেকে। যাত্রী কল্যাণ সমিতি বলছে, ভাড়া নৈরাজ্য বন্ধে কার্যকর তদারকি প্রয়োজন। ইচ্ছেমতো ভাড়া আদায় করছেন পরিবহন মালিকরা। সরকার নির্ধারিত ভাড়ার তালিকা বাস্তবে মানা হচ্ছে না। প্রতি কিলোমিটারের জন্য ভাড়া নির্ধারিত থাকলেও যাত্রীদের কাছ থেকে বাড়তি টাকা নেওয়া হচ্ছে। ঢাকা থেকে বিভিন্ন গন্তব্যে বাসভাড়া নিয়ে যাত্রীদের অভিযোগের শেষ নেই। বিআরটিএর তালিকা অনুযায়ী দূরপাল্লার বাসে নির্দিষ্ট হারে ভাড়া আদায়ের কথা থাকলেও তা মানছেন না অনেকে। যাত্রী কল্যাণ সমিতি বলছে, ভাড়া নৈরাজ্য বন্ধে কার্যকর তদারকি প্রয়োজন। ইচ্ছেমতো ভাড়া আদায় করছেন পরিবহন মালিকরা। সরকার নির্ধারিত ভাড়ার তালিকা বাস্তবে মানা হচ্ছে না। প্রতি কিলোমিটারের জন্য ভাড়া নির্ধারিত থাকলেও যাত্রীদের কাছ থেকে বাড়তি টাকা নেওয়া হচ্ছে। ঢাকা থেকে বিভিন্ন গন্তব্যে বাসভাড়া নিয়ে যাত্রীদের অভিযোগের শেষ নেই। বিআরটিএর তালিকা অনুযায়ী দূরপাল্লার বাসে নির্দিষ্ট হারে ভাড়া আদায়ের কথা থাকলেও তা মানছেন না অনেকে। যাত্রী কল্যাণ সমিতি বলছে, ভাড়া নৈরাজ্য বন্ধে কার্যকর তদারকি প্রয়োজন। ইচ্ছেমতো ভাড়া আদায় করছেন পরিবহন মালিকরা। সরকার নির্ধারিত ভাড়ার তালিকা বাস্তবে মানা হচ্ছে না। প্রতি কিলোমিটারের জন্য ভাড়া নির্ধারিত থাকলেও যাত্রীদের কাছ থেকে বাড়তি টাকা নেওয়া হচ্ছে। ঢাকা থেকে বিভিন্ন গন্তব্যে বাসভাড়া নিয়ে যাত্রীদের অভিযোগের শেষ নেই। বিআরটিএর তালিকা অনুযায়ী দূরপাল্লার বাসে নির্দিষ্ট হারে ভাড়া আদায়ের কথা থাকলেও তা মানছেন না অনেকে। যাত্রী কল্যাণ সমিতি বলছে, ভাড়া নৈরাজ্য বন্ধে কার্যকর তদারকি প্রয়োজন। ইচ্ছেমতো ভাড়া আদায় করছেন পরিবহন মালিকরা। সরকার নির্ধারিত ভাড়ার তালিকা বাস্তবে মানা হচ্ছে না। প্রতি কিলোমিটারের জন্য ভাড়া নির্ধারিত থাকলেও যাত্রীদের কাছ থেকে বাড়তি টাকা নেওয়া হচ্ছে। ঢাকা থেকে বিভিন্ন গন্তব্যে বাসভাড়া নিয়ে যাত্রীদের অভিযোগের শেষ নেই। বিআরটিএর তালিকা অনুযায়ী দূরপাল্লার বাসে নির্দিষ্ট হারে ভাড়া আদায়ের কথা থাকলেও তা মানছেন না অনেকে। যাত্রী কল্যাণ সমিতি বলছে, ভাড়া নৈরাজ্য বন্ধে কার্যকর তদারকি প্রয়োজন।
বাংলাদেশ কৃষি উন্নয়ন করপোরেশনের (বিএডিসি) মাসিক সমন্বয় সভা অনুষ্ঠিত হয়েছে। গতকাল রাজধানীর কৃষি ভবনের সেমিনার হলে এ সভা অনুষ্ঠিত হয়। সভায় সভাপতিত্ব করেন বিএডিসির চেয়ারম্যান। এ সময় কৃষি ও কৃষকের উন্নয়নে বিএডিসির কর্মকর্তাদের একযোগে কাজ করার আহ্বান জানান তিনি। বিজ্ঞপ্তি
ব্যাটালিয়ন সদর
কুষ্টিয়া ব্যাটালিয়ন (৪৭ বিজিবি)
বিজিবির কুষ্টিয়া ব্যাটালিয়ন (৪৭ বিজিবি) অধিক্ষেত্রাধীন সীমান্ত এলাকায় পৃথক অভিযান পরিচালনা করে ১ হাজার ১৫০ পিস ইয়াবাসহ বিপুল পরিমাণ মাদকদ্রব্য ও চোরাচালান পণ্য জব্দ করেছে। জব্দকৃত মালামালের আনুমানিক মূল্য লাখ টাকা। বিজ্ঞপ্তি
জনতা ব্যাংক পিএলসি
জনতা ব্যাংকের প্রধান কার্যালয়ে শ্রেণিকৃত ঋণ আদায়ে বিশেষ উদ্যোগের সভা গতকাল অনুষ্ঠিত হয়েছে। ব্যাংকের এমডি সভায় সভাপতিত্ব করেন। এ সময় ব্যাংকের ঊর্ধ্বতন নির্বাহী ও কর্মকর্তারা উপস্থিত ছিলেন। বিজ্ঞপ্তি
মার্কেন্টাইল ব্যাংকের অর্থায়নে 'বাণিজ্যিক ও মানসম্মত ফলের চারা উৎপাদন' শীর্ষক কর্মশালা অনুষ্ঠিত হয়েছে। গত শনিবার বাংলাদেশ কৃষি বিশ্ববিদ্যালয়ে এ কর্মশালা হয়। প্রধান অতিথি হিসেবে উপস্থিত ছিলেন বিশ্ববিদ্যালয়ের উপাচার্য। বিশেষ অতিথি হিসেবে উপস্থিত ছিলেন মার্কেন্টাইল ব্যাংকের ডিএমডি। বিজ্ঞপ্তি
বিনিয়োগকারীদের জন্য সেবা সহজতর, দ্রুততর ও সমন্বিত করতে এনসিসি ব্যাংক ও বাংলাদেশ বিনিয়োগ উন্নয়ন কর্তৃপক্ষের (বিডা) মধ্যে একটি এমওইউ স্বাক্ষর হয়েছে। উভয় প্রতিষ্ঠানের ঊর্ধ্বতন কর্মকর্তারা এ সময় উপস্থিত ছিলেন। বিজ্ঞপ্তি
এক্সিম ব্যাংক ও একটি লিমিটেড কোম্পানির মধ্যে করপোরেট ব্যাংকিং সুবিধা প্রদানের জন্য একটি চুক্তি স্বাক্ষরিত হয়েছে। সম্প্রতি ব্যাংকের প্রধান কার্যালয়ে চুক্তিতে স্বাক্ষর করেন দুই প্রতিষ্ঠানের কর্মকর্তারা। বিজ্ঞপ্তি
২৫তম
আল-আরাফাহ ইসলামী ব্যাংকের সঙ্গে সম্প্রতি চট্টগ্রামের একটি হোটেলে শীর্ষস্থানীয় গ্রাহকদের নিয়ে মতবিনিময় সভা অনুষ্ঠিত হয়েছে। প্রধান অতিথি ছিলেন ব্যাংকের চেয়ারম্যান। বিশেষ অতিথি হিসেবে উপস্থিত ছিলেন এমডি। বিজ্ঞপ্তি
SALES CONFERENCE 2026
কক্সবাজারে অনুষ্ঠিত হয়ে গেল বাংলাদেশ এডিবল অয়েল লিমিটেডের (বিইওএল) বার্ষিক বিক্রয় সম্মেলন ২০২৬। সারা দেশ থেকে বিক্রয় কর্মকর্তারা এতে অংশগ্রহণ করেন। সম্মেলনে সেরা বিক্রয় কর্মীদের পুরস্কৃত করা হয়। বিজ্ঞপ্তি
